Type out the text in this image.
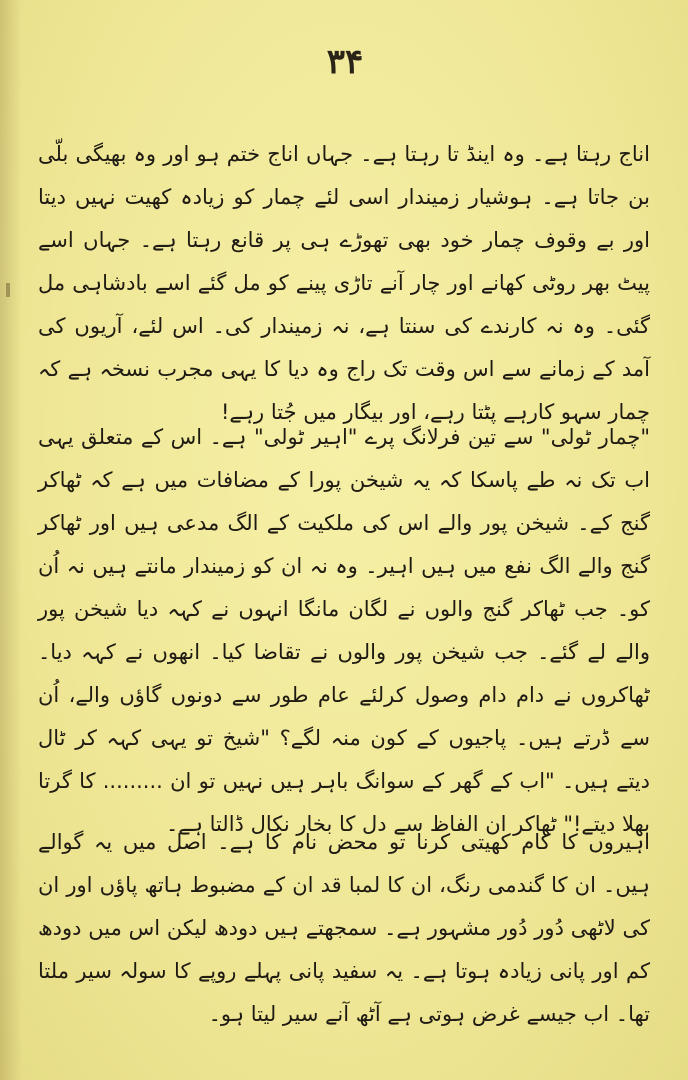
۳۴

اناج رہتا ہے۔ وہ اینڈ تا رہتا ہے۔ جہاں اناج ختم ہو اور وہ بھیگی بلّی بن جاتا ہے۔ ہوشیار زمیندار اسی لئے چمار کو زیادہ کھیت نہیں دیتا اور بے وقوف چمار خود بھی تھوڑے ہی پر قانع رہتا ہے۔ جہاں اسے پیٹ بھر روٹی کھانے اور چار آنے تاڑی پینے کو مل گئے اسے بادشاہی مل گئی۔ وہ نہ کارندے کی سنتا ہے، نہ زمیندار کی۔ اس لئے، آریوں کی آمد کے زمانے سے اس وقت تک راج وہ دیا کا یہی مجرب نسخہ ہے کہ چمار سہو کارہے پٹتا رہے، اور بیگار میں جُتا رہے!

"چمار ٹولی" سے تین فرلانگ پرے "اہیر ٹولی" ہے۔ اس کے متعلق یہی اب تک نہ طے پاسکا کہ یہ شیخن پورا کے مضافات میں ہے کہ ٹھاکر گنج کے۔ شیخن پور والے اس کی ملکیت کے الگ مدعی ہیں اور ٹھاکر گنج والے الگ نفع میں ہیں اہیر۔ وہ نہ ان کو زمیندار مانتے ہیں نہ اُن کو۔ جب ٹھاکر گنج والوں نے لگان مانگا انہوں نے کہہ دیا شیخن پور والے لے گئے۔ جب شیخن پور والوں نے تقاضا کیا۔ انھوں نے کہہ دیا۔ ٹھاکروں نے دام دام وصول کرلئے عام طور سے دونوں گاؤں والے، اُن سے ڈرتے ہیں۔ پاجیوں کے کون منہ لگے؟ "شیخ تو یہی کہہ کر ٹال دیتے ہیں۔ "اب کے گھر کے سوانگ باہر ہیں نہیں تو ان ......... کا گرتا بھلا دیتے!" ٹھاکر ان الفاظ سے دل کا بخار نکال ڈالتا ہے۔

اہیروں کا کام کھیتی کرنا تو محض نام کا ہے۔ اصل میں یہ گوالے ہیں۔ ان کا گندمی رنگ، ان کا لمبا قد ان کے مضبوط ہاتھ پاؤں اور ان کی لاٹھی دُور دُور مشہور ہے۔ سمجھتے ہیں دودھ لیکن اس میں دودھ کم اور پانی زیادہ ہوتا ہے۔ یہ سفید پانی پہلے روپے کا سولہ سیر ملتا تھا۔ اب جیسے غرض ہوتی ہے آٹھ آنے سیر لیتا ہو۔
